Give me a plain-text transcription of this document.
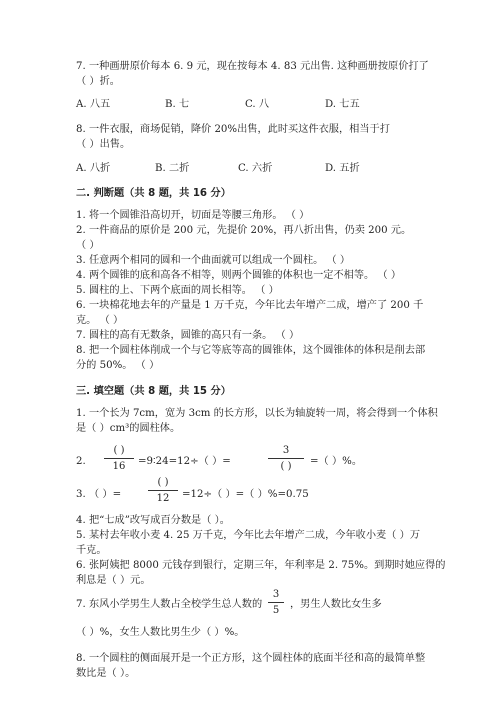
7. 一种画册原价每本 6. 9 元，现在按每本 4. 83 元出售. 这种画册按原价打了
（ ）折。
A. 八五	B. 七	C. 八	D. 七五
8. 一件衣服，商场促销，降价 20%出售，此时买这件衣服，相当于打
（ ）出售。
A. 八折	B. 二折	C. 六折	D. 五折
二. 判断题（共 8 题，共 16 分）
1. 将一个圆锥沿高切开，切面是等腰三角形。 （ ）
2. 一件商品的原价是 200 元，先提价 20%，再八折出售，仍卖 200 元。
（ ）
3. 任意两个相同的圆和一个曲面就可以组成一个圆柱。 （ ）
4. 两个圆锥的底和高各不相等，则两个圆锥的体积也一定不相等。 （ ）
5. 圆柱的上、下两个底面的周长相等。 （ ）
6. 一块棉花地去年的产量是 1 万千克，今年比去年增产二成，增产了 200 千
克。 （ ）
7. 圆柱的高有无数条，圆锥的高只有一条。 （ ）
8. 把一个圆柱体削成一个与它等底等高的圆锥体，这个圆锥体的体积是削去部
分的 50%。 （ ）
三. 填空题（共 8 题，共 15 分）
1. 一个长为 7cm，宽为 3cm 的长方形，以长为轴旋转一周，将会得到一个体积
是（ ）cm³的圆柱体。
2.
( )
16	=9∶24=12÷（ ）=
3
( )	=（ ）%。
3. （ ）=
( )
12	=12÷（ ）=（ ）%=0.75
4. 把“七成”改写成百分数是（ ）。
5. 某村去年收小麦 4. 25 万千克，今年比去年增产二成，今年收小麦（ ）万
千克。
6. 张阿姨把 8000 元钱存到银行，定期三年，年利率是 2. 75%。到期时她应得的
利息是（ ）元。
7. 东风小学男生人数占全校学生总人数的
3
5
，男生人数比女生多
（ ）%，女生人数比男生少（ ）%。
8. 一个圆柱的侧面展开是一个正方形，这个圆柱体的底面半径和高的最简单整
数比是（ ）。
